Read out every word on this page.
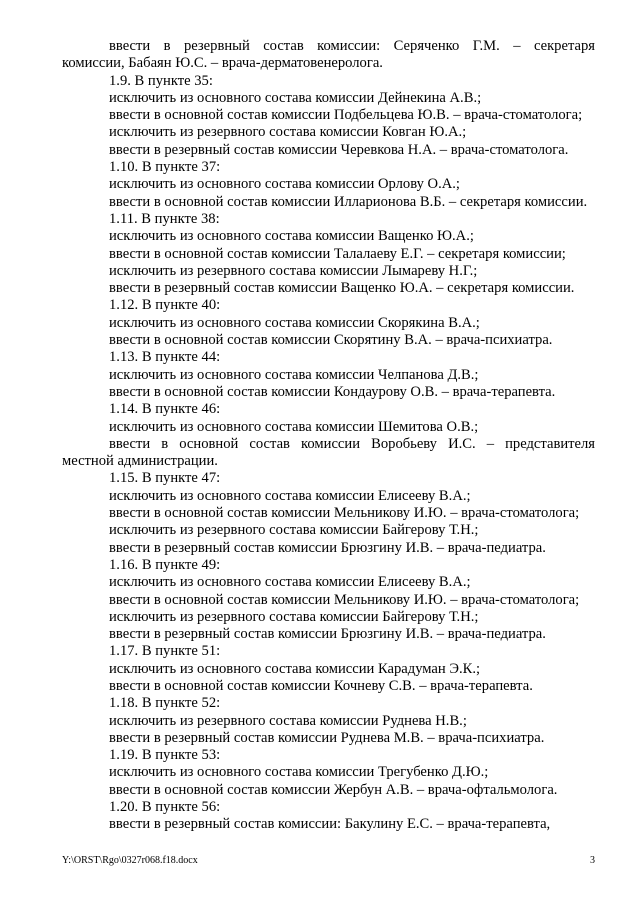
ввести в резервный состав комиссии: Серяченко Г.М. – секретаря
комиссии, Бабаян Ю.С. – врача-дерматовенеролога.
1.9. В пункте 35:
исключить из основного состава комиссии Дейнекина А.В.;
ввести в основной состав комиссии Подбельцева Ю.В. – врача-стоматолога;
исключить из резервного состава комиссии Ковган Ю.А.;
ввести в резервный состав комиссии Черевкова Н.А. – врача-стоматолога.
1.10. В пункте 37:
исключить из основного состава комиссии Орлову О.А.;
ввести в основной состав комиссии Илларионова В.Б. – секретаря комиссии.
1.11. В пункте 38:
исключить из основного состава комиссии Ващенко Ю.А.;
ввести в основной состав комиссии Талалаеву Е.Г. – секретаря комиссии;
исключить из резервного состава комиссии Лымареву Н.Г.;
ввести в резервный состав комиссии Ващенко Ю.А. – секретаря комиссии.
1.12. В пункте 40:
исключить из основного состава комиссии Скорякина В.А.;
ввести в основной состав комиссии Скорятину В.А. – врача-психиатра.
1.13. В пункте 44:
исключить из основного состава комиссии Челпанова Д.В.;
ввести в основной состав комиссии Кондаурову О.В. – врача-терапевта.
1.14. В пункте 46:
исключить из основного состава комиссии Шемитова О.В.;
ввести в основной состав комиссии Воробьеву И.С. – представителя
местной администрации.
1.15. В пункте 47:
исключить из основного состава комиссии Елисееву В.А.;
ввести в основной состав комиссии Мельникову И.Ю. – врача-стоматолога;
исключить из резервного состава комиссии Байгерову Т.Н.;
ввести в резервный состав комиссии Брюзгину И.В. – врача-педиатра.
1.16. В пункте 49:
исключить из основного состава комиссии Елисееву В.А.;
ввести в основной состав комиссии Мельникову И.Ю. – врача-стоматолога;
исключить из резервного состава комиссии Байгерову Т.Н.;
ввести в резервный состав комиссии Брюзгину И.В. – врача-педиатра.
1.17. В пункте 51:
исключить из основного состава комиссии Карадуман Э.К.;
ввести в основной состав комиссии Кочневу С.В. – врача-терапевта.
1.18. В пункте 52:
исключить из резервного состава комиссии Руднева Н.В.;
ввести в резервный состав комиссии Руднева М.В. – врача-психиатра.
1.19. В пункте 53:
исключить из основного состава комиссии Трегубенко Д.Ю.;
ввести в основной состав комиссии Жербун А.В. – врача-офтальмолога.
1.20. В пункте 56:
ввести в резервный состав комиссии: Бакулину Е.С. – врача-терапевта,
Y:\ORST\Rgo\0327r068.f18.docx	3
